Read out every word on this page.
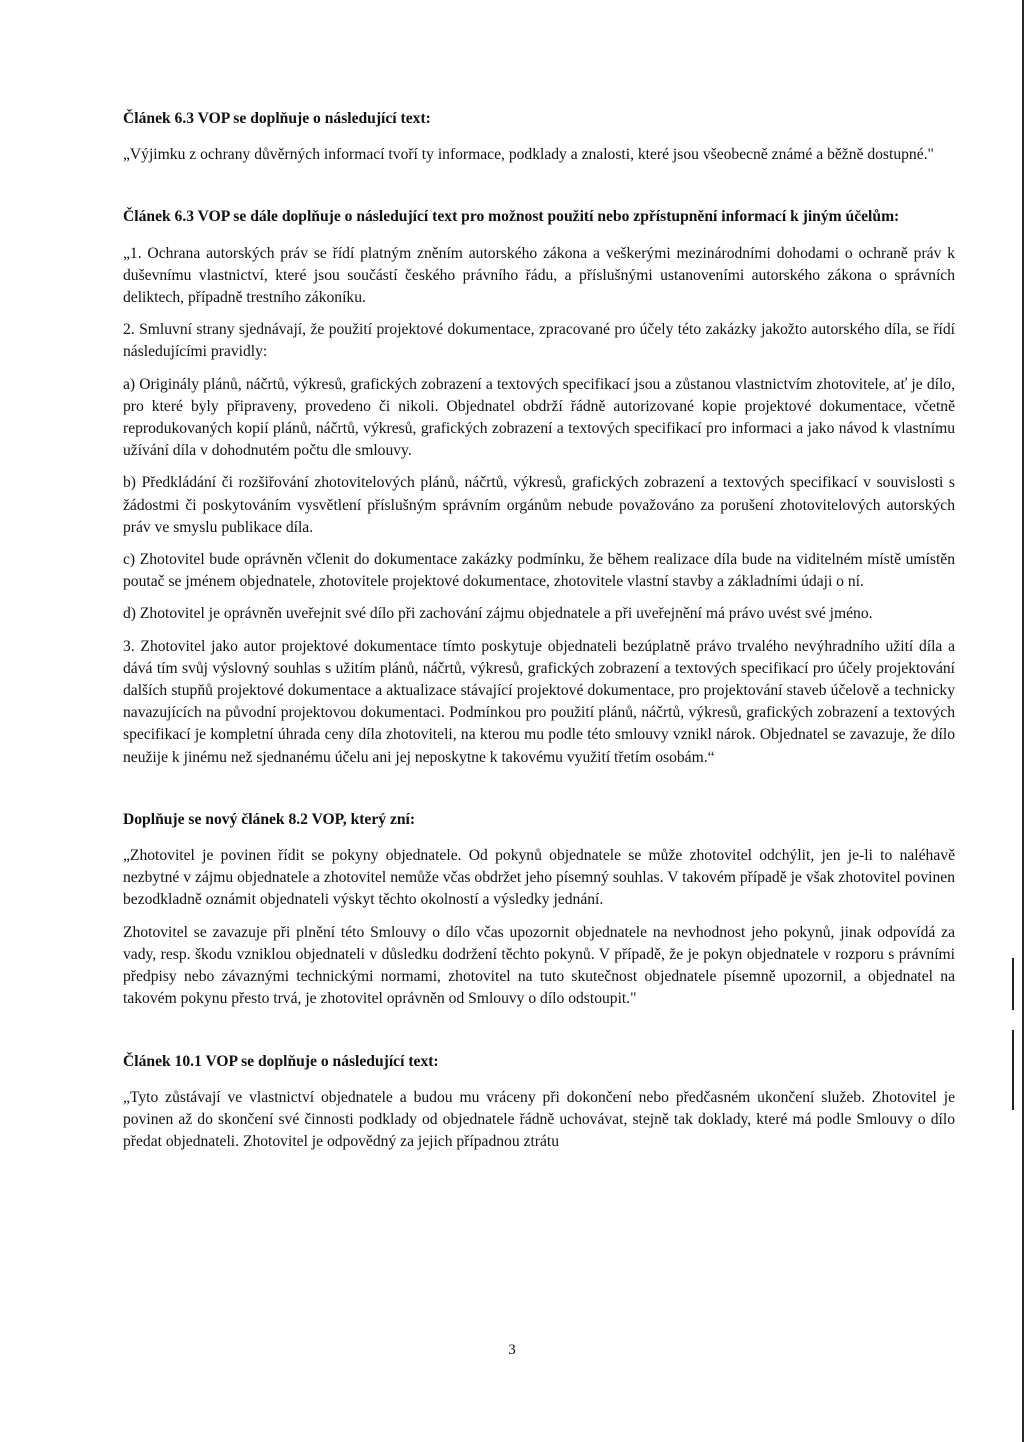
Článek 6.3 VOP se doplňuje o následující text:

„Výjimku z ochrany důvěrných informací tvoří ty informace, podklady a znalosti, které jsou všeobecně známé a běžně dostupné."

Článek 6.3 VOP se dále doplňuje o následující text pro možnost použití nebo zpřístupnění informací k jiným účelům:

„1. Ochrana autorských práv se řídí platným zněním autorského zákona a veškerými mezinárodními dohodami o ochraně práv k duševnímu vlastnictví, které jsou součástí českého právního řádu, a příslušnými ustanoveními autorského zákona o správních deliktech, případně trestního zákoníku.

2. Smluvní strany sjednávají, že použití projektové dokumentace, zpracované pro účely této zakázky jakožto autorského díla, se řídí následujícími pravidly:

a) Originály plánů, náčrtů, výkresů, grafických zobrazení a textových specifikací jsou a zůstanou vlastnictvím zhotovitele, ať je dílo, pro které byly připraveny, provedeno či nikoli. Objednatel obdrží řádně autorizované kopie projektové dokumentace, včetně reprodukovaných kopií plánů, náčrtů, výkresů, grafických zobrazení a textových specifikací pro informaci a jako návod k vlastnímu užívání díla v dohodnutém počtu dle smlouvy.

b) Předkládání či rozšiřování zhotovitelových plánů, náčrtů, výkresů, grafických zobrazení a textových specifikací v souvislosti s žádostmi či poskytováním vysvětlení příslušným správním orgánům nebude považováno za porušení zhotovitelových autorských práv ve smyslu publikace díla.

c) Zhotovitel bude oprávněn včlenit do dokumentace zakázky podmínku, že během realizace díla bude na viditelném místě umístěn poutač se jménem objednatele, zhotovitele projektové dokumentace, zhotovitele vlastní stavby a základními údaji o ní.

d) Zhotovitel je oprávněn uveřejnit své dílo při zachování zájmu objednatele a při uveřejnění má právo uvést své jméno.

3. Zhotovitel jako autor projektové dokumentace tímto poskytuje objednateli bezúplatně právo trvalého nevýhradního užití díla a dává tím svůj výslovný souhlas s užitím plánů, náčrtů, výkresů, grafických zobrazení a textových specifikací pro účely projektování dalších stupňů projektové dokumentace a aktualizace stávající projektové dokumentace, pro projektování staveb účelově a technicky navazujících na původní projektovou dokumentaci. Podmínkou pro použití plánů, náčrtů, výkresů, grafických zobrazení a textových specifikací je kompletní úhrada ceny díla zhotoviteli, na kterou mu podle této smlouvy vznikl nárok. Objednatel se zavazuje, že dílo neužije k jinému než sjednanému účelu ani jej neposkytne k takovému využití třetím osobám.“

Doplňuje se nový článek 8.2 VOP, který zní:

„Zhotovitel je povinen řídit se pokyny objednatele. Od pokynů objednatele se může zhotovitel odchýlit, jen je-li to naléhavě nezbytné v zájmu objednatele a zhotovitel nemůže včas obdržet jeho písemný souhlas. V takovém případě je však zhotovitel povinen bezodkladně oznámit objednateli výskyt těchto okolností a výsledky jednání.

Zhotovitel se zavazuje při plnění této Smlouvy o dílo včas upozornit objednatele na nevhodnost jeho pokynů, jinak odpovídá za vady, resp. škodu vzniklou objednateli v důsledku dodržení těchto pokynů. V případě, že je pokyn objednatele v rozporu s právními předpisy nebo závaznými technickými normami, zhotovitel na tuto skutečnost objednatele písemně upozornil, a objednatel na takovém pokynu přesto trvá, je zhotovitel oprávněn od Smlouvy o dílo odstoupit."

Článek 10.1 VOP se doplňuje o následující text:

„Tyto zůstávají ve vlastnictví objednatele a budou mu vráceny při dokončení nebo předčasném ukončení služeb. Zhotovitel je povinen až do skončení své činnosti podklady od objednatele řádně uchovávat, stejně tak doklady, které má podle Smlouvy o dílo předat objednateli. Zhotovitel je odpovědný za jejich případnou ztrátu

3
